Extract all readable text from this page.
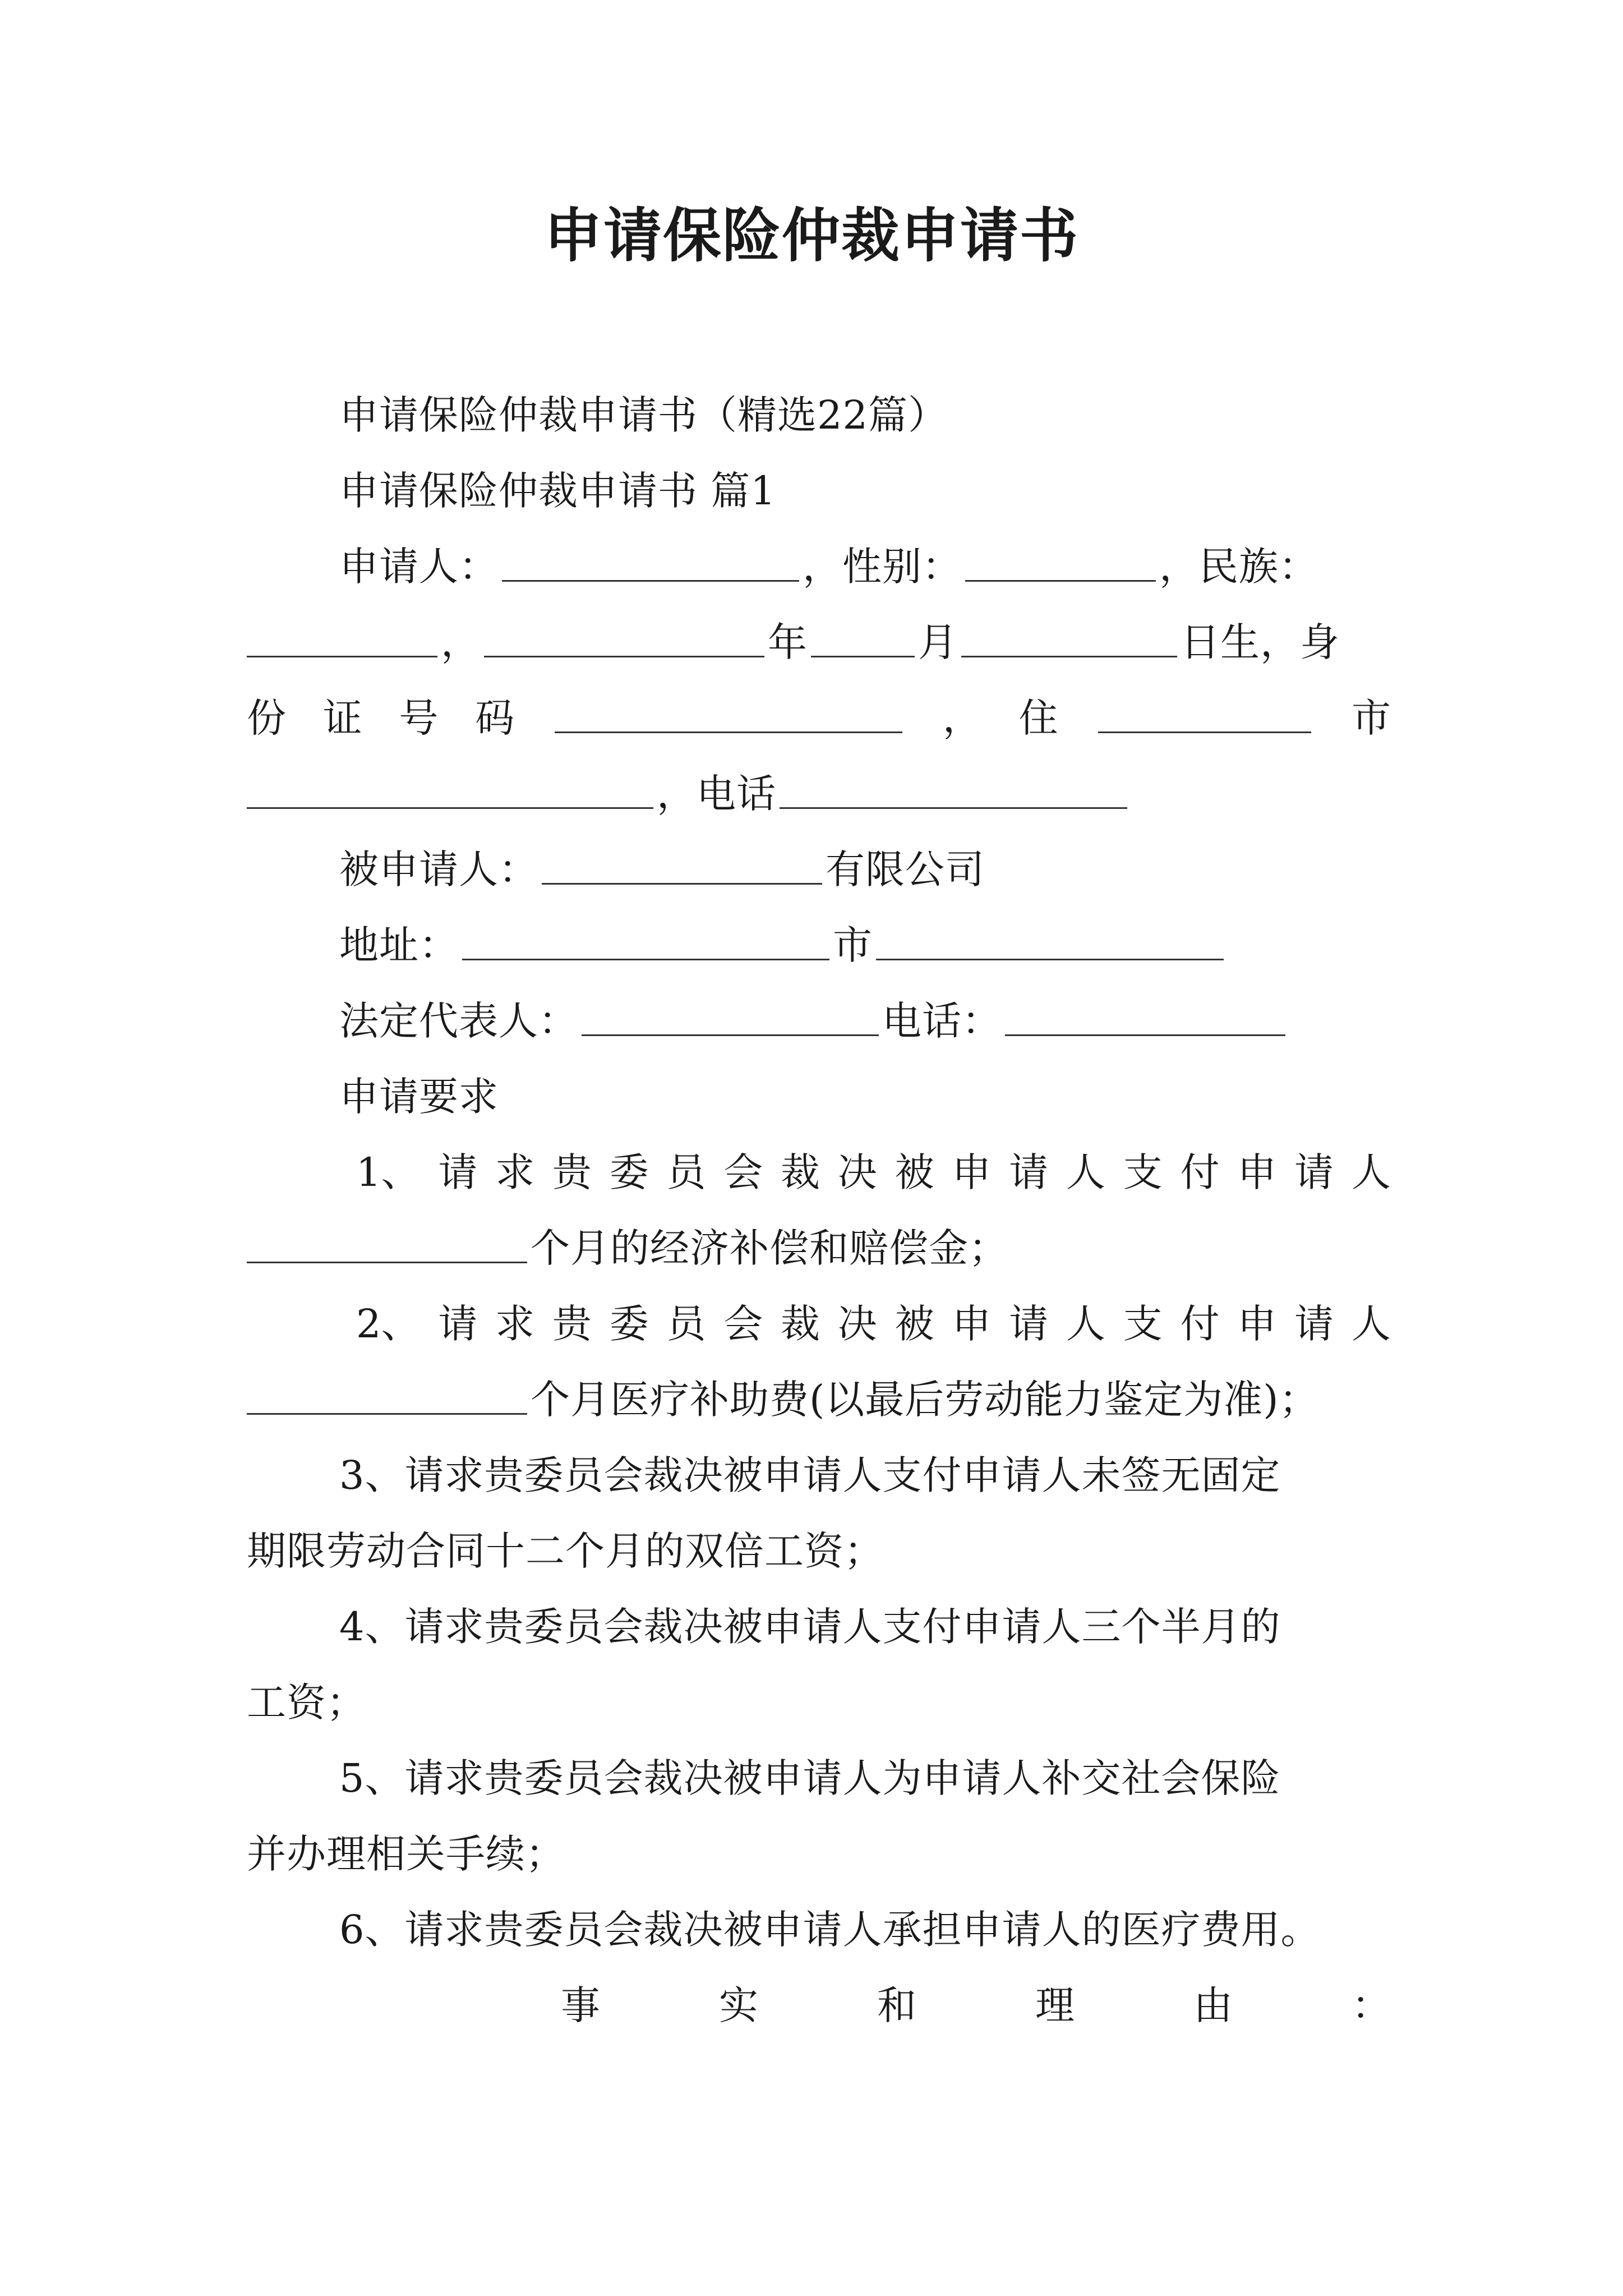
申请保险仲裁申请书
申请保险仲裁申请书（精选22篇）
申请保险仲裁申请书 篇1
申请人：	，性别：	，民族：
，	年	月	日生，身
份 证 号 码	， 住	市
，电话
被申请人：	有限公司
地址：	市
法定代表人：	电话：
申请要求
1、 请 求 贵 委 员 会 裁 决 被 申 请 人 支 付 申 请 人
个月的经济补偿和赔偿金；
2、 请 求 贵 委 员 会 裁 决 被 申 请 人 支 付 申 请 人
个月医疗补助费(以最后劳动能力鉴定为准)；
3、请求贵委员会裁决被申请人支付申请人未签无固定
期限劳动合同十二个月的双倍工资；
4、请求贵委员会裁决被申请人支付申请人三个半月的
工资；
5、请求贵委员会裁决被申请人为申请人补交社会保险
并办理相关手续；
6、请求贵委员会裁决被申请人承担申请人的医疗费用。
事	实	和	理	由	：
